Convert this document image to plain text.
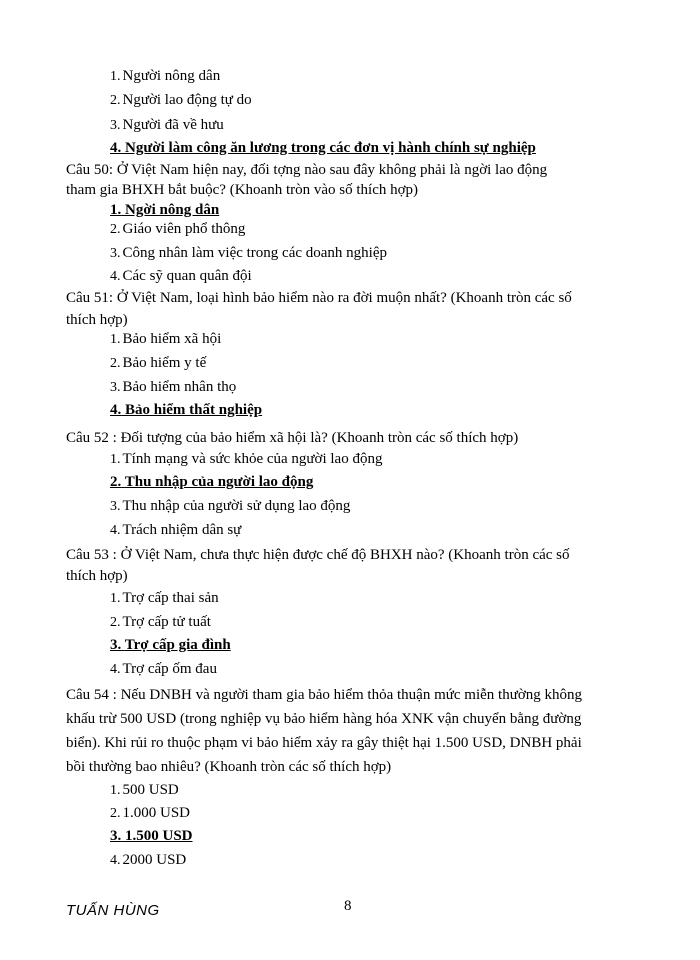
1. Người nông dân
2. Người lao động tự do
3. Người đã về hưu
4. Người làm công ăn lương trong các đơn vị hành chính sự nghiệp
Câu 50: Ở Việt Nam hiện nay, đối tợng nào sau đây không phải là ngời lao động
tham gia BHXH bắt buộc? (Khoanh tròn vào số thích hợp)
1. Ngời nông dân
2. Giáo viên phổ thông
3. Công nhân làm việc trong các doanh nghiệp
4. Các sỹ quan quân đội
Câu 51: Ở Việt Nam, loại hình bảo hiểm nào ra đời muộn nhất? (Khoanh tròn các số
thích hợp)
1. Bảo hiểm xã hội
2. Bảo hiểm y tế
3. Bảo hiểm nhân thọ
4. Bảo hiểm thất nghiệp
Câu 52 : Đối tượng của bảo hiểm xã hội là? (Khoanh tròn các số thích hợp)
1. Tính mạng và sức khỏe của người lao động
2. Thu nhập của người lao động
3. Thu nhập của người sử dụng lao động
4. Trách nhiệm dân sự
Câu 53 : Ở Việt Nam, chưa thực hiện được chế độ BHXH nào? (Khoanh tròn các số
thích hợp)
1. Trợ cấp thai sản
2. Trợ cấp tử tuất
3. Trợ cấp gia đình
4. Trợ cấp ốm đau
Câu 54 : Nếu DNBH và người tham gia bảo hiểm thỏa thuận mức miễn thường không
khấu trừ 500 USD (trong nghiệp vụ bảo hiểm hàng hóa XNK vận chuyển bằng đường
biển). Khi rủi ro thuộc phạm vi bảo hiểm xảy ra gây thiệt hại 1.500 USD, DNBH phải
bồi thường bao nhiêu? (Khoanh tròn các số thích hợp)
1. 500 USD
2. 1.000 USD
3. 1.500 USD
4. 2000 USD
TUẤN HÙNG	8
